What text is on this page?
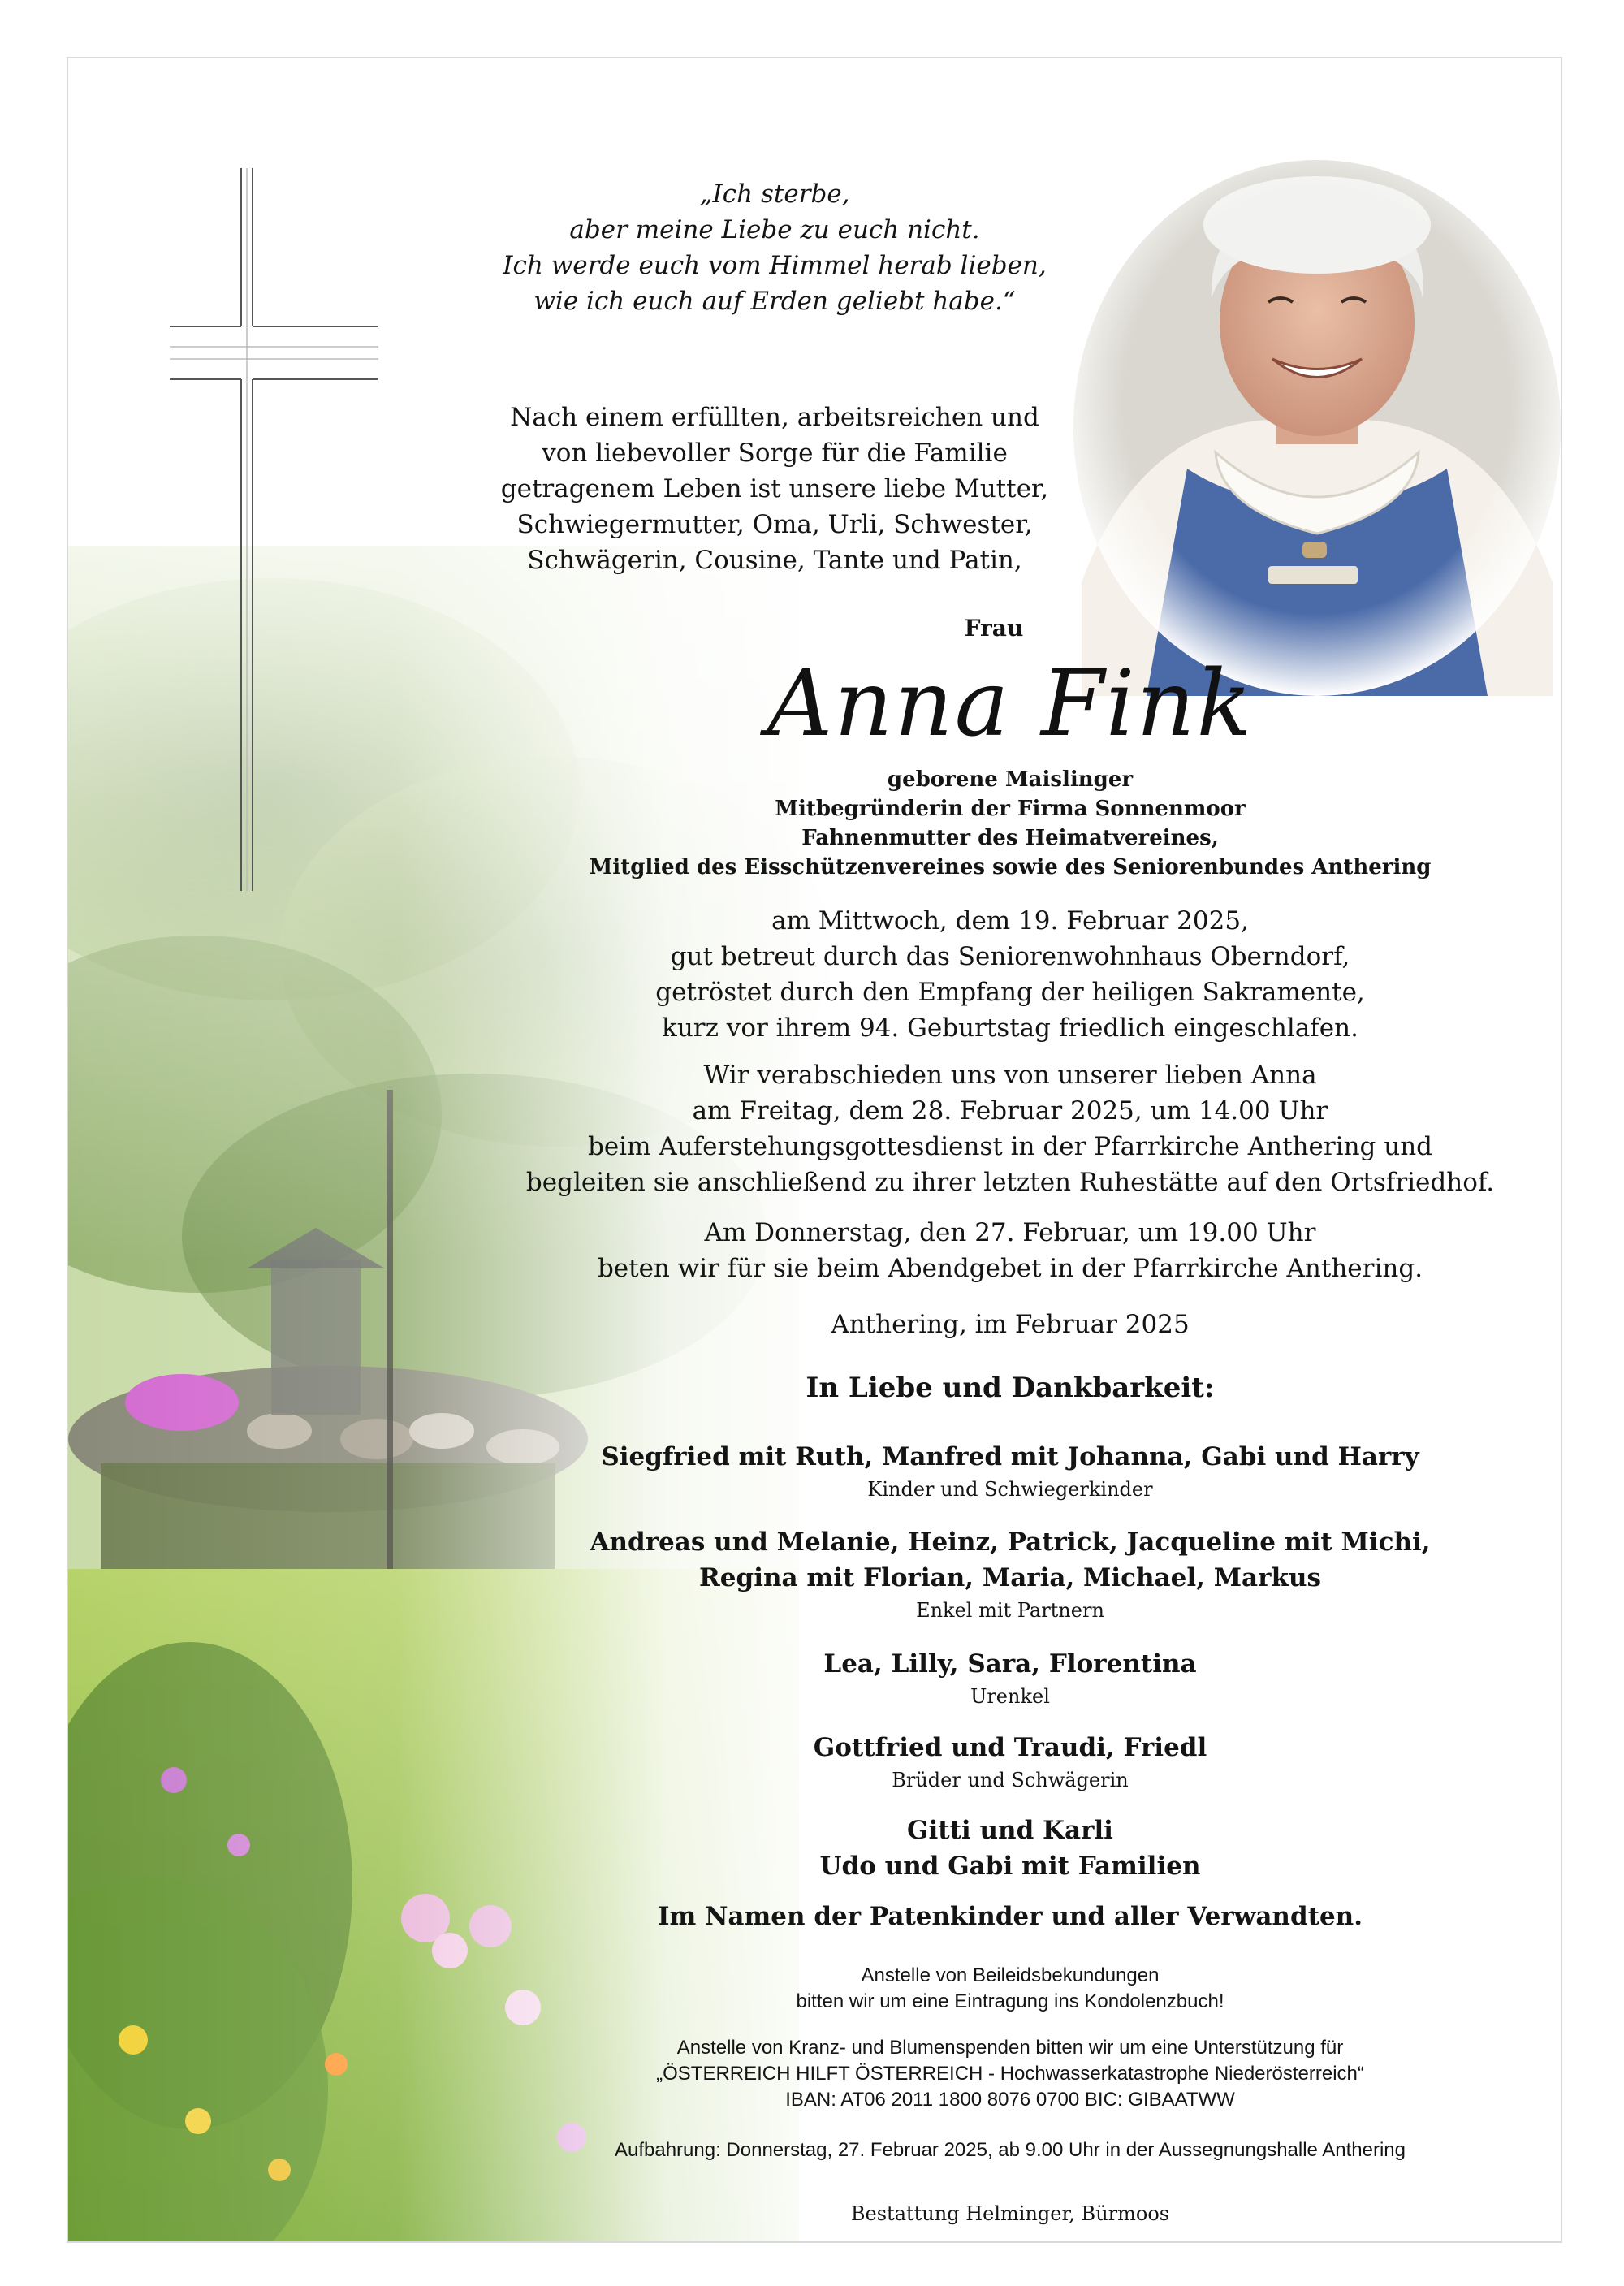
„Ich sterbe,
aber meine Liebe zu euch nicht.
Ich werde euch vom Himmel herab lieben,
wie ich euch auf Erden geliebt habe.“
Nach einem erfüllten, arbeitsreichen und
von liebevoller Sorge für die Familie
getragenem Leben ist unsere liebe Mutter,
Schwiegermutter, Oma, Urli, Schwester,
Schwägerin, Cousine, Tante und Patin,
Frau
Anna Fink
geborene Maislinger
Mitbegründerin der Firma Sonnenmoor
Fahnenmutter des Heimatvereines,
Mitglied des Eisschützenvereines sowie des Seniorenbundes Anthering
am Mittwoch, dem 19. Februar 2025,
gut betreut durch das Seniorenwohnhaus Oberndorf,
getröstet durch den Empfang der heiligen Sakramente,
kurz vor ihrem 94. Geburtstag friedlich eingeschlafen.
Wir verabschieden uns von unserer lieben Anna
am Freitag, dem 28. Februar 2025, um 14.00 Uhr
beim Auferstehungsgottesdienst in der Pfarrkirche Anthering und
begleiten sie anschließend zu ihrer letzten Ruhestätte auf den Ortsfriedhof.
Am Donnerstag, den 27. Februar, um 19.00 Uhr
beten wir für sie beim Abendgebet in der Pfarrkirche Anthering.
Anthering, im Februar 2025
In Liebe und Dankbarkeit:
Siegfried mit Ruth, Manfred mit Johanna, Gabi und Harry
Kinder und Schwiegerkinder
Andreas und Melanie, Heinz, Patrick, Jacqueline mit Michi,
Regina mit Florian, Maria, Michael, Markus
Enkel mit Partnern
Lea, Lilly, Sara, Florentina
Urenkel
Gottfried und Traudi, Friedl
Brüder und Schwägerin
Gitti und Karli
Udo und Gabi mit Familien
Im Namen der Patenkinder und aller Verwandten.
Anstelle von Beileidsbekundungen
bitten wir um eine Eintragung ins Kondolenzbuch!
Anstelle von Kranz- und Blumenspenden bitten wir um eine Unterstützung für
„ÖSTERREICH HILFT ÖSTERREICH - Hochwasserkatastrophe Niederösterreich“
IBAN: AT06 2011 1800 8076 0700 BIC: GIBAATWW
Aufbahrung: Donnerstag, 27. Februar 2025, ab 9.00 Uhr in der Aussegnungshalle Anthering
Bestattung Helminger, Bürmoos
